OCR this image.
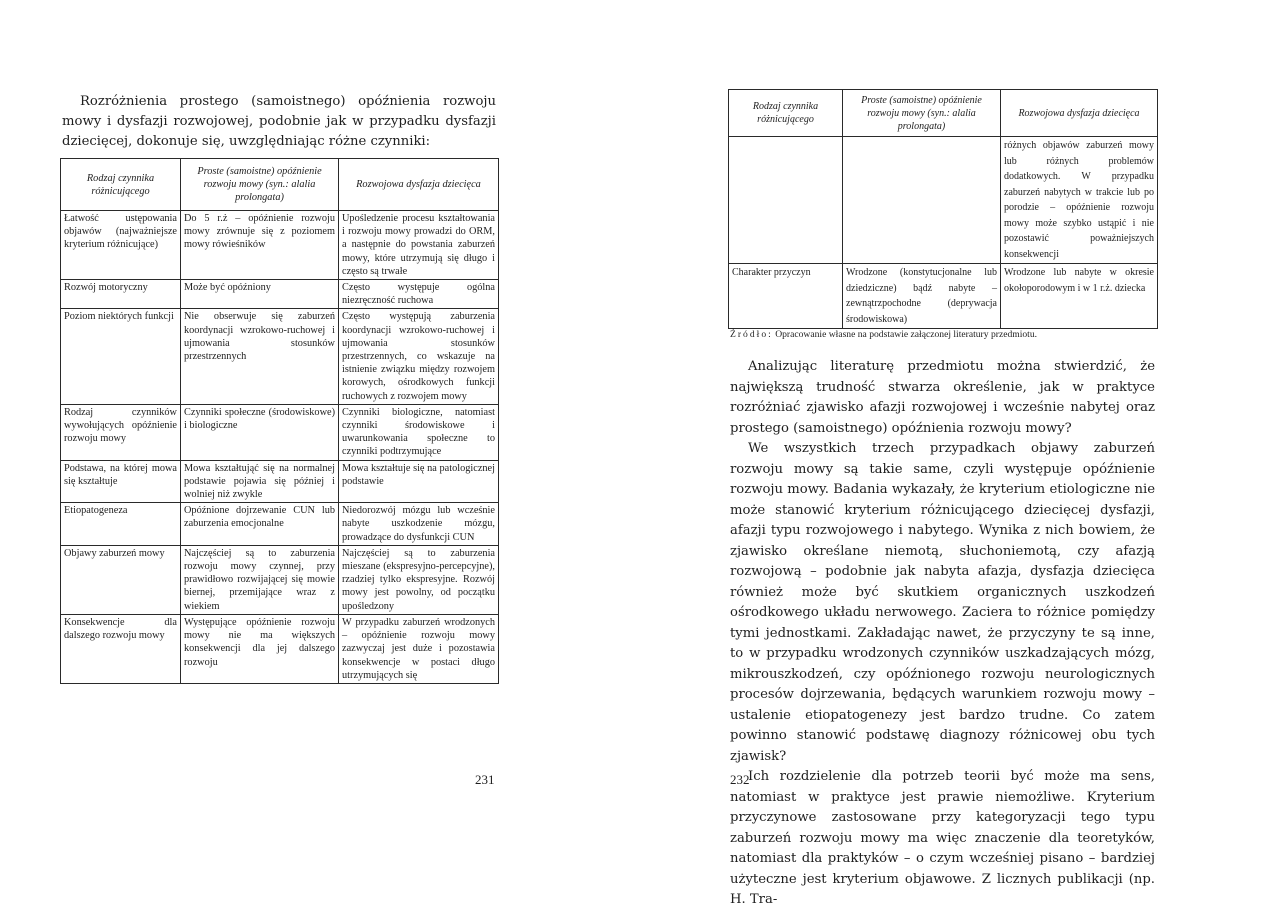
Rozróżnienia prostego (samoistnego) opóźnienia rozwoju mowy i dysfazji rozwojowej, podobnie jak w przypadku dysfazji dziecięcej, dokonuje się, uwzględniając różne czynniki:

Rodzaj czynnika różnicującego	Proste (samoistne) opóźnienie rozwoju mowy (syn.: alalia prolongata)	Rozwojowa dysfazja dziecięca
Łatwość ustępowania objawów (najważniejsze kryterium różnicujące)	Do 5 r.ż – opóźnienie rozwoju mowy zrównuje się z poziomem mowy rówieśników	Upośledzenie procesu kształtowania i rozwoju mowy prowadzi do ORM, a następnie do powstania zaburzeń mowy, które utrzymują się długo i często są trwałe
Rozwój motoryczny	Może być opóźniony	Często występuje ogólna niezręczność ruchowa
Poziom niektórych funkcji	Nie obserwuje się zaburzeń koordynacji wzrokowo-ruchowej i ujmowania stosunków przestrzennych	Często występują zaburzenia koordynacji wzrokowo-ruchowej i ujmowania stosunków przestrzennych, co wskazuje na istnienie związku między rozwojem korowych, ośrodkowych funkcji ruchowych z rozwojem mowy
Rodzaj czynników wywołujących opóźnienie rozwoju mowy	Czynniki społeczne (środowiskowe) i biologiczne	Czynniki biologiczne, natomiast czynniki środowiskowe i uwarunkowania społeczne to czynniki podtrzymujące
Podstawa, na której mowa się kształtuje	Mowa kształtująć się na normalnej podstawie pojawia się później i wolniej niż zwykle	Mowa kształtuje się na patologicznej podstawie
Etiopatogeneza	Opóźnione dojrzewanie CUN lub zaburzenia emocjonalne	Niedorozwój mózgu lub wcześnie nabyte uszkodzenie mózgu, prowadzące do dysfunkcji CUN
Objawy zaburzeń mowy	Najczęściej są to zaburzenia rozwoju mowy czynnej, przy prawidłowo rozwijającej się mowie biernej, przemijające wraz z wiekiem	Najczęściej są to zaburzenia mieszane (ekspresyjno-percepcyjne), rzadziej tylko ekspresyjne. Rozwój mowy jest powolny, od początku upośledzony
Konsekwencje dla dalszego rozwoju mowy	Występujące opóźnienie rozwoju mowy nie ma większych konsekwencji dla jej dalszego rozwoju	W przypadku zaburzeń wrodzonych – opóźnienie rozwoju mowy zazwyczaj jest duże i pozostawia konsekwencje w postaci długo utrzymujących się
231
Rodzaj czynnika różnicującego	Proste (samoistne) opóźnienie rozwoju mowy (syn.: alalia prolongata)	Rozwojowa dysfazja dziecięca
		różnych objawów zaburzeń mowy lub różnych problemów dodatkowych. W przypadku zaburzeń nabytych w trakcie lub po porodzie – opóźnienie rozwoju mowy może szybko ustąpić i nie pozostawić poważniejszych konsekwencji
Charakter przyczyn	Wrodzone (konstytucjonalne lub dziedziczne) bądź nabyte – zewnątrzpochodne (deprywacja środowiskowa)	Wrodzone lub nabyte w okresie okołoporodowym i w 1 r.ż. dziecka

Źródło: Opracowanie własne na podstawie załączonej literatury przedmiotu.

Analizując literaturę przedmiotu można stwierdzić, że największą trudność stwarza określenie, jak w praktyce rozróżniać zjawisko afazji rozwojowej i wcześnie nabytej oraz prostego (samoistnego) opóźnienia rozwoju mowy?

We wszystkich trzech przypadkach objawy zaburzeń rozwoju mowy są takie same, czyli występuje opóźnienie rozwoju mowy. Badania wykazały, że kryterium etiologiczne nie może stanowić kryterium różnicującego dziecięcej dysfazji, afazji typu rozwojowego i nabytego. Wynika z nich bowiem, że zjawisko określane niemotą, słuchoniemotą, czy afazją rozwojową – podobnie jak nabyta afazja, dysfazja dziecięca również może być skutkiem organicznych uszkodzeń ośrodkowego układu nerwowego. Zaciera to różnice pomiędzy tymi jednostkami. Zakładając nawet, że przyczyny te są inne, to w przypadku wrodzonych czynników uszkadzających mózg, mikrouszkodzeń, czy opóźnionego rozwoju neurologicznych procesów dojrzewania, będących warunkiem rozwoju mowy – ustalenie etiopatogenezy jest bardzo trudne. Co zatem powinno stanowić podstawę diagnozy różnicowej obu tych zjawisk?

Ich rozdzielenie dla potrzeb teorii być może ma sens, natomiast w praktyce jest prawie niemożliwe. Kryterium przyczynowe zastosowane przy kategoryzacji tego typu zaburzeń rozwoju mowy ma więc znaczenie dla teoretyków, natomiast dla praktyków – o czym wcześniej pisano – bardziej użyteczne jest kryterium objawowe. Z licznych publikacji (np. H. Tra-

232
